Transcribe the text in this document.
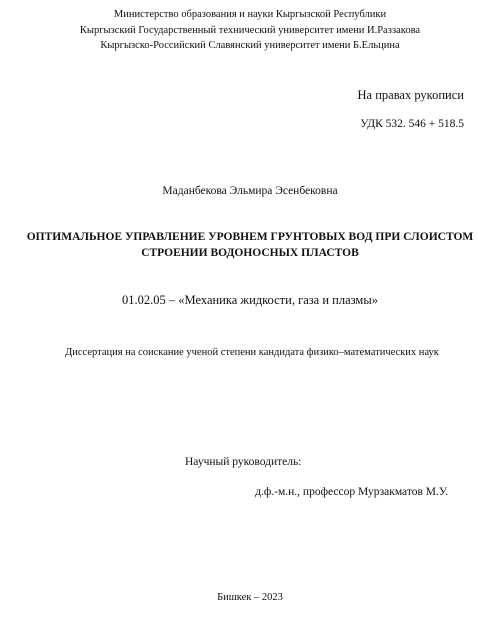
Министерство образования и науки Кыргызской Республики
Кыргызский Государственный технический университет имени И.Раззакова
Кыргызско-Российский Славянский университет имени Б.Ельцина
На правах рукописи
УДК 532. 546 + 518.5
Маданбекова Эльмира Эсенбековна
ОПТИМАЛЬНОЕ УПРАВЛЕНИЕ УРОВНЕМ ГРУНТОВЫХ ВОД ПРИ СЛОИСТОМ СТРОЕНИИ ВОДОНОСНЫХ ПЛАСТОВ
01.02.05 – «Механика жидкости, газа и плазмы»
Диссертация на соискание ученой степени кандидата физико–математических наук
Научный руководитель:
д.ф.-м.н., профессор Мурзакматов М.У.
Бишкек – 2023
